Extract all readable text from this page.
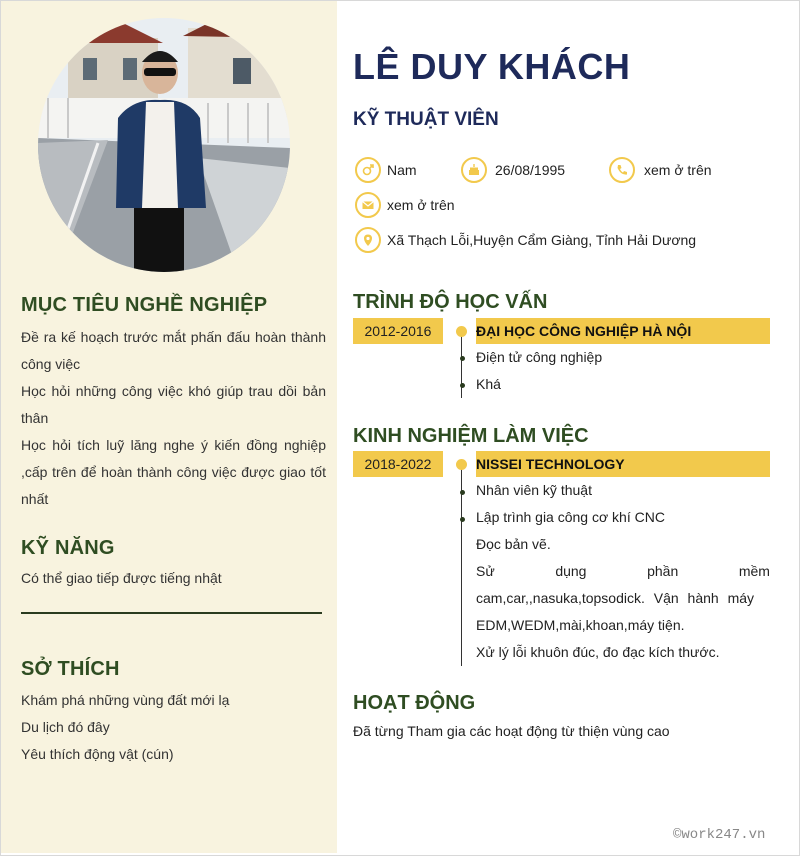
MỤC TIÊU NGHỀ NGHIỆP

Đề ra kế hoạch trước mắt phấn đấu hoàn thành công việc

Học hỏi những công việc khó giúp trau dồi bản thân

Học hỏi tích luỹ lăng nghe ý kiến đồng nghiệp ,cấp trên để hoàn thành công việc được giao tốt nhất

KỸ NĂNG
Có thể giao tiếp được tiếng nhật
SỞ THÍCH

Khám phá những vùng đất mới lạ

Du lịch đó đây

Yêu thích động vật (cún)

LÊ DUY KHÁCH
KỸ THUẬT VIÊN
Nam	26/08/1995	xem ở trên
xem ở trên
Xã Thạch Lỗi,Huyện Cẩm Giàng, Tỉnh Hải Dương
TRÌNH ĐỘ HỌC VẤN
2012-2016	ĐẠI HỌC CÔNG NGHIỆP HÀ NỘI
Điện tử công nghiệp
Khá
KINH NGHIỆM LÀM VIỆC
2018-2022	NISSEI TECHNOLOGY
Nhân viên kỹ thuật
Lập trình gia công cơ khí CNC
Đọc bản vẽ.
Sử	dụng	phần	mềm
cam,car,,nasuka,topsodick. Vận hành máy
EDM,WEDM,mài,khoan,máy tiện.
Xử lý lỗi khuôn đúc, đo đạc kích thước.
HOẠT ĐỘNG
Đã từng Tham gia các hoạt động từ thiện vùng cao
©work247.vn
